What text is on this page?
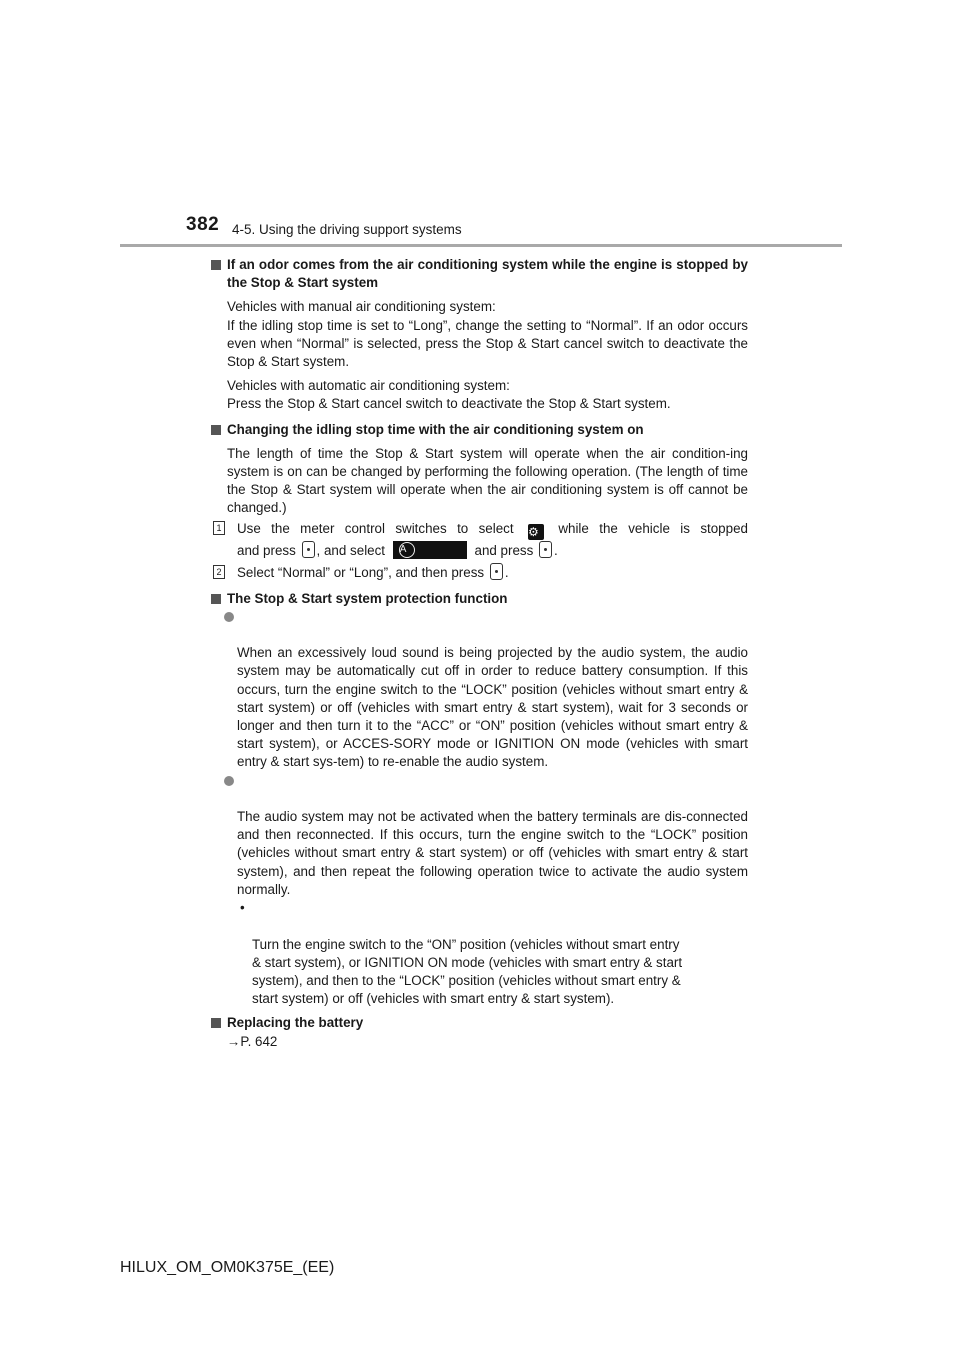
382 4-5. Using the driving support systems

If an odor comes from the air conditioning system while the engine is stopped by the Stop & Start system

Vehicles with manual air conditioning system:
If the idling stop time is set to “Long”, change the setting to “Normal”. If an odor occurs even when “Normal” is selected, press the Stop & Start cancel switch to deactivate the Stop & Start system.

Vehicles with automatic air conditioning system:
Press the Stop & Start cancel switch to deactivate the Stop & Start system.

Changing the idling stop time with the air conditioning system on

The length of time the Stop & Start system will operate when the air condition-ing system is on can be changed by performing the following operation. (The length of time the Stop & Start system will operate when the air conditioning system is off cannot be changed.)

1 Use the meter control switches to select ⚙ while the vehicle is stopped

and press , and select A	and press .

2 Select “Normal” or “Long”, and then press .

The Stop & Start system protection function

When an excessively loud sound is being projected by the audio system, the audio system may be automatically cut off in order to reduce battery consumption. If this occurs, turn the engine switch to the “LOCK” position (vehicles without smart entry & start system) or off (vehicles with smart entry & start system), wait for 3 seconds or longer and then turn it to the “ACC” or “ON” position (vehicles without smart entry & start system), or ACCES-SORY mode or IGNITION ON mode (vehicles with smart entry & start sys-tem) to re-enable the audio system.

The audio system may not be activated when the battery terminals are dis-connected and then reconnected. If this occurs, turn the engine switch to the “LOCK” position (vehicles without smart entry & start system) or off (vehicles with smart entry & start system), and then repeat the following operation twice to activate the audio system normally.

•

Turn the engine switch to the “ON” position (vehicles without smart entry
& start system), or IGNITION ON mode (vehicles with smart entry & start
system), and then to the “LOCK” position (vehicles without smart entry &
start system) or off (vehicles with smart entry & start system).

Replacing the battery

→P. 642

HILUX_OM_OM0K375E_(EE)
